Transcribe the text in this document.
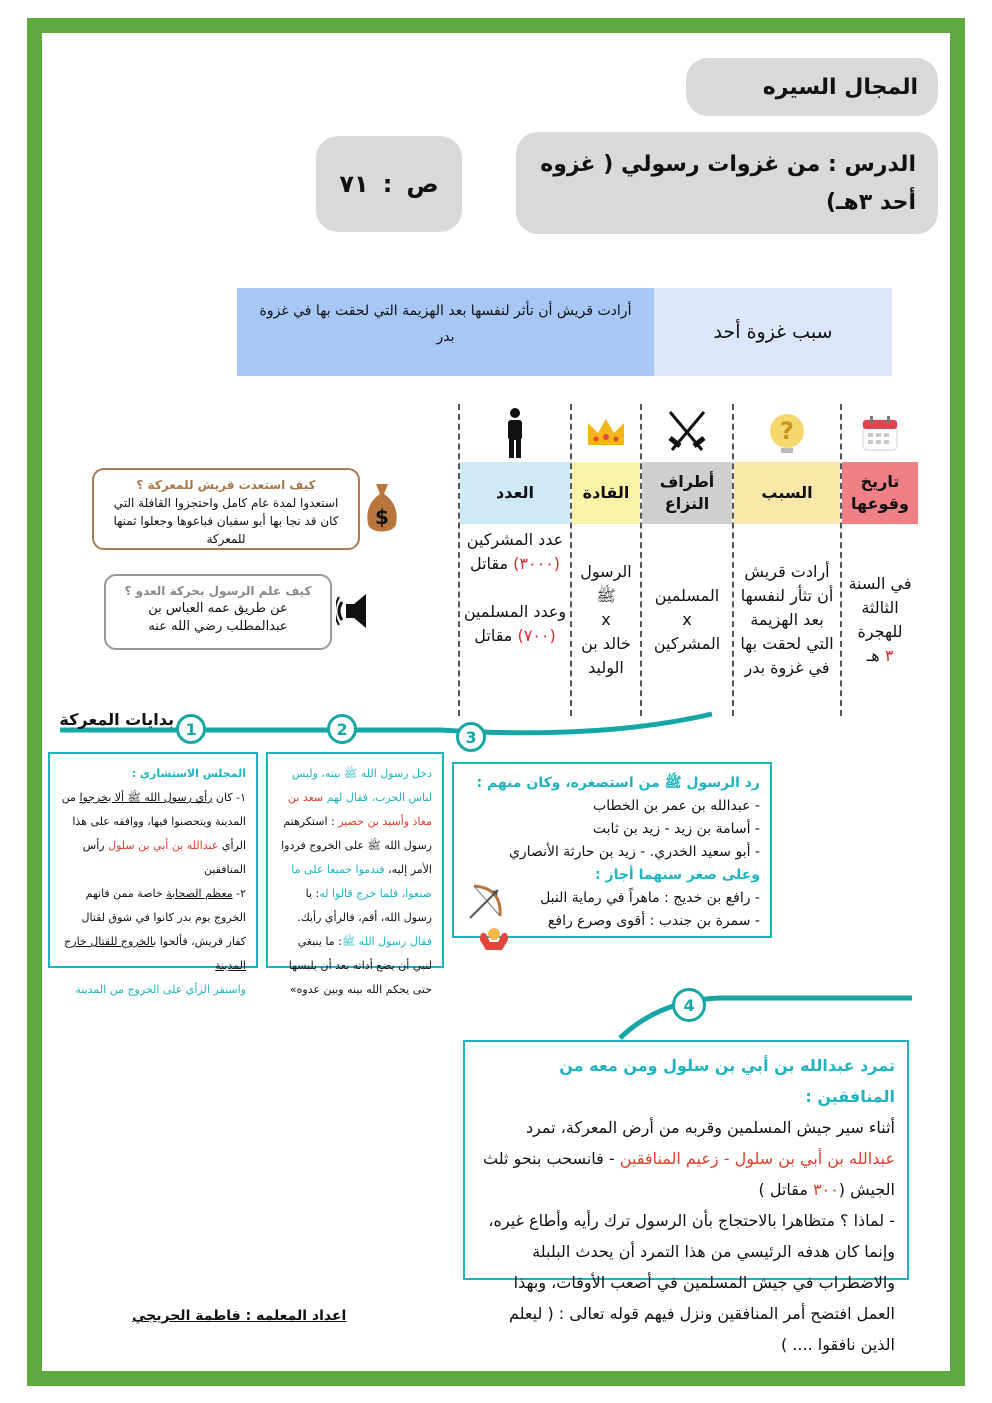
المجال السيره
الدرس : من غزوات رسولي ( غزوه أحد ٣هـ)
ص
:
٧١
سبب غزوة أحد
أرادت قريش أن تأثر لنفسها بعد الهزيمة التي لحقت بها في غزوة بدر
تاريخ وقوعها
في السنة الثالثة للهجرة
٣ هـ
?
السبب
أرادت قريش أن تثأر لنفسها بعد الهزيمة التي لحقت بها في غزوة بدر
أطراف النزاع
المسلمين
x
المشركين
القادة
الرسول ﷺ
x
خالد بن الوليد
العدد
عدد المشركين
(٣٠٠٠) مقاتل

وعدد المسلمين
(٧٠٠) مقاتل
كيف استعدت قريش للمعركة ؟
استعدوا لمدة عام كامل واحتجزوا القافلة التي كان قد نجا بها أبو سفيان فباعوها وجعلوا ثمنها للمعركة
$
كيف علم الرسول بحركة العدو ؟
عن طريق عمه العباس بن عبدالمطلب رضي الله عنه
بدايات المعركة 1	2	3
المجلس الاستشاري :
١- كان رأي رسول الله ﷺ ألا يخرجوا من المدينة ويتحصنوا فيها، ووافقه على هذا الرأي عبدالله بن أبي بن سلول رأس المنافقين
٢- معظم الصحابة خاصة ممن فاتهم الخروج يوم بدر كانوا في شوق لقتال كفار قريش، فألحوا بالخروج للقتال خارج المدينة
واستقر الرأي على الخروج من المدينة
دخل رسول الله ﷺ بيته، ولبس لباس الحرب، فقال لهم سعد بن معاذ وأسيد بن حضير : استكرهتم رسول الله ﷺ على الخروج فردوا الأمر إليه، فندموا جميعا على ما صنعوا، فلما خرج قالوا له: يا رسول الله، أقم، فالرأي رأيك. فقال رسول الله ﷺ: ما ينبغي لنبي أن يضع أداته بعد أن يلبسها حتى يحكم الله بينه وبين عدوه»
رد الرسول ﷺ من استصغره، وكان منهم :
- عبدالله بن عمر بن الخطاب
- أسامة بن زيد - زيد بن ثابت
- أبو سعيد الخدري. - زيد بن حارثة الأنصاري
وعلى صغر سنهما أجاز :
- رافع بن خديج : ماهراً في رماية النبل
- سمرة بن جندب : أقوى وصرع رافع
4
تمرد عبدالله بن أبي بن سلول ومن معه من المنافقين :
أثناء سير جيش المسلمين وقربه من أرض المعركة، تمرد عبدالله بن أبي بن سلول - زعيم المنافقين - فانسحب بنحو ثلث الجيش (٣٠٠ مقاتل )
- لماذا ؟ متظاهرا بالاحتجاج بأن الرسول ترك رأيه وأطاع غيره، وإنما كان هدفه الرئيسي من هذا التمرد أن يحدث البلبلة والاضطراب في جيش المسلمين في أصعب الأوقات، وبهذا العمل افتضح أمر المنافقين ونزل فيهم قوله تعالى : ( ليعلم الذين نافقوا .... )
اعداد المعلمه : فاطمة الحريجي
